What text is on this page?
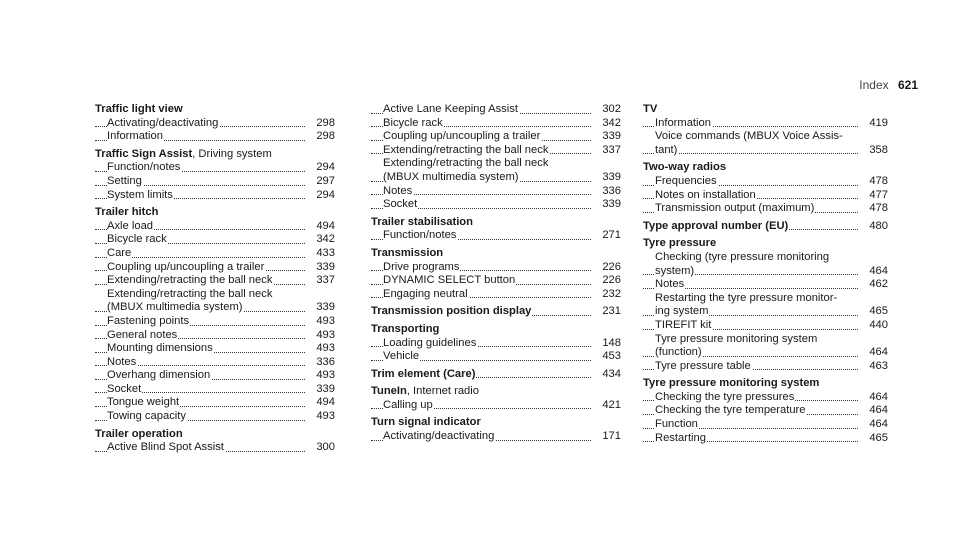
Index 621
Traffic light view
Activating/deactivating	298
Information	298
Traffic Sign Assist, Driving system
Function/notes	294
Setting	297
System limits	294
Trailer hitch
Axle load	494
Bicycle rack	342
Care	433
Coupling up/uncoupling a trailer	339
Extending/retracting the ball neck	337
Extending/retracting the ball neck
(MBUX multimedia system)	339
Fastening points	493
General notes	493
Mounting dimensions	493
Notes	336
Overhang dimension	493
Socket	339
Tongue weight	494
Towing capacity	493
Trailer operation
Active Blind Spot Assist	300
Active Lane Keeping Assist	302
Bicycle rack	342
Coupling up/uncoupling a trailer	339
Extending/retracting the ball neck	337
Extending/retracting the ball neck
(MBUX multimedia system)	339
Notes	336
Socket	339
Trailer stabilisation
Function/notes	271
Transmission
Drive programs	226
DYNAMIC SELECT button	226
Engaging neutral	232
Transmission position display	231
Transporting
Loading guidelines	148
Vehicle	453
Trim element (Care)	434
TuneIn, Internet radio
Calling up	421
Turn signal indicator
Activating/deactivating	171
TV
Information	419
Voice commands (MBUX Voice Assis-
tant)	358
Two-way radios
Frequencies	478
Notes on installation	477
Transmission output (maximum)	478
Type approval number (EU)	480
Tyre pressure
Checking (tyre pressure monitoring
system)	464
Notes	462
Restarting the tyre pressure monitor-
ing system	465
TIREFIT kit	440
Tyre pressure monitoring system
(function)	464
Tyre pressure table	463
Tyre pressure monitoring system
Checking the tyre pressures	464
Checking the tyre temperature	464
Function	464
Restarting	465
